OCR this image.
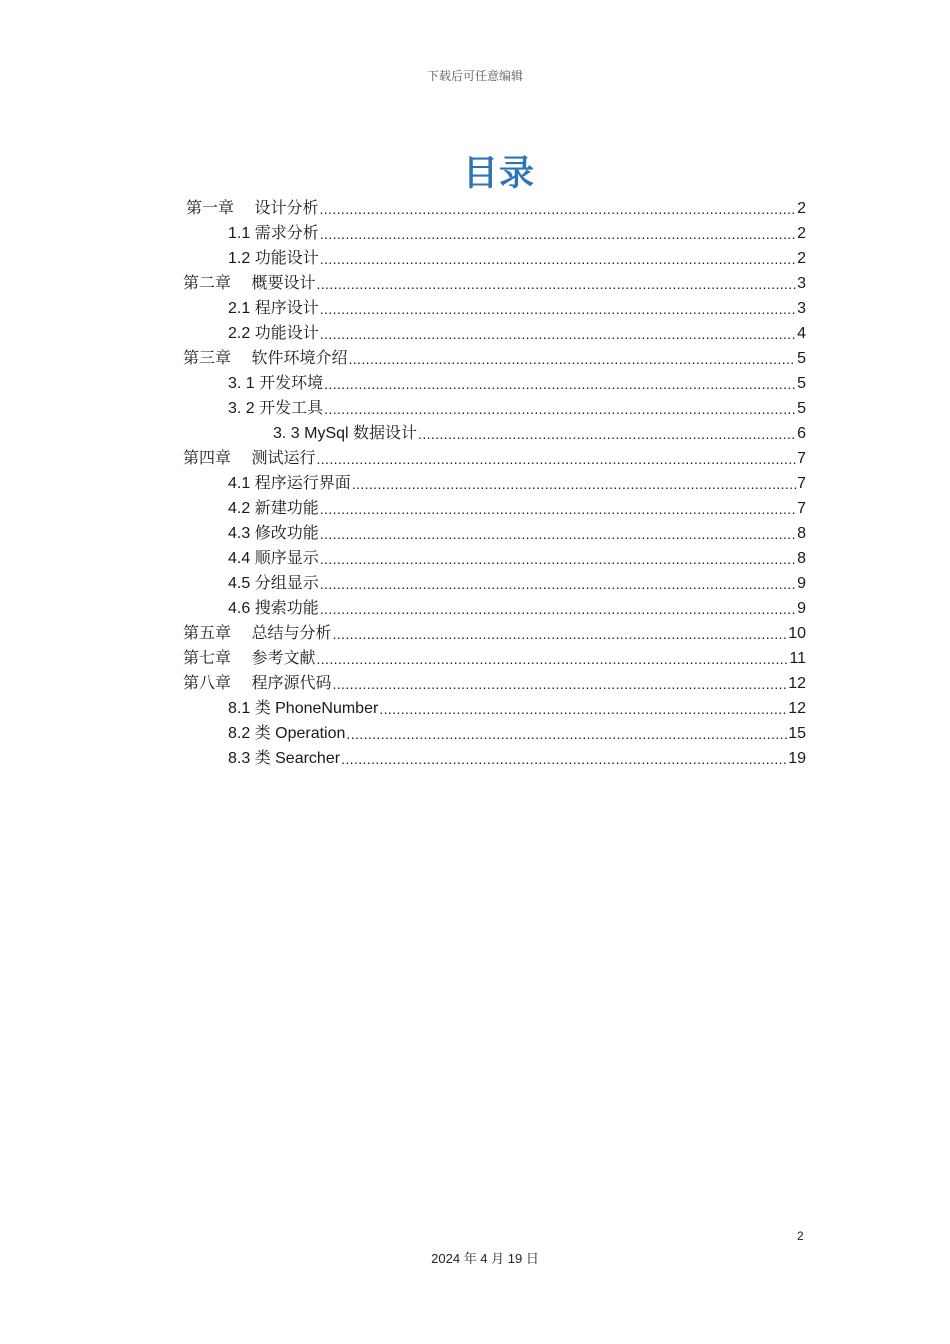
下载后可任意编辑
目录
第一章　 设计分析 .....	2
1.1 需求分析 .....	2
1.2 功能设计 .....	2
第二章　 概要设计 .....	3
2.1 程序设计 .....	3
2.2 功能设计 .....	4
第三章　 软件环境介绍 .....	5
3. 1 开发环境 .....	5
3. 2 开发工具 .....	5
3. 3 MySql 数据设计 .....	6
第四章　 测试运行 .....	7
4.1 程序运行界面 .....	7
4.2 新建功能 .....	7
4.3 修改功能 .....	8
4.4 顺序显示 .....	8
4.5 分组显示 .....	9
4.6 搜索功能 .....	9
第五章　 总结与分析 .....	10
第七章　 参考文献 .....	11
第八章　 程序源代码 .....	12
8.1 类 PhoneNumber .....	12
8.2 类 Operation .....	15
8.3 类 Searcher .....	19
2
2024 年 4 月 19 日
